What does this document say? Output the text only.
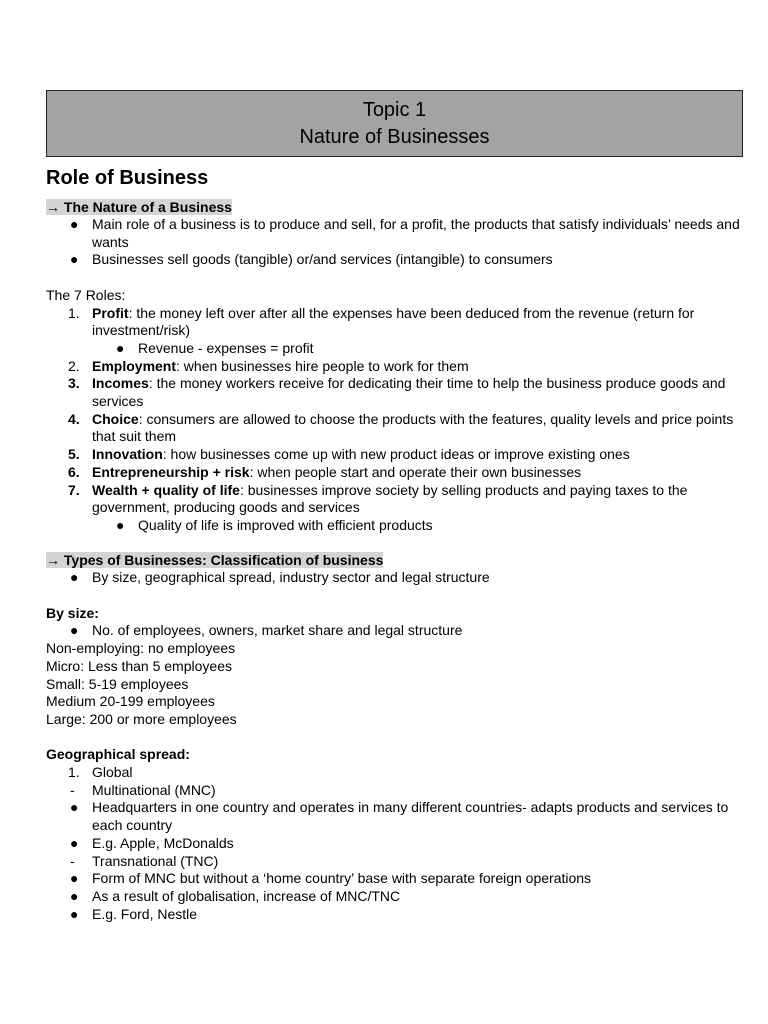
Topic 1
Nature of Businesses
Role of Business
→ The Nature of a Business
● Main role of a business is to produce and sell, for a profit, the products that satisfy individuals’ needs and wants
● Businesses sell goods (tangible) or/and services (intangible) to consumers
The 7 Roles:
1. Profit: the money left over after all the expenses have been deduced from the revenue (return for investment/risk)
● Revenue - expenses = profit
2. Employment: when businesses hire people to work for them
3. Incomes: the money workers receive for dedicating their time to help the business produce goods and services
4. Choice: consumers are allowed to choose the products with the features, quality levels and price points that suit them
5. Innovation: how businesses come up with new product ideas or improve existing ones
6. Entrepreneurship + risk: when people start and operate their own businesses
7. Wealth + quality of life: businesses improve society by selling products and paying taxes to the government, producing goods and services
● Quality of life is improved with efficient products
→ Types of Businesses: Classification of business
● By size, geographical spread, industry sector and legal structure
By size:
● No. of employees, owners, market share and legal structure
Non-employing: no employees
Micro: Less than 5 employees
Small: 5-19 employees
Medium 20-199 employees
Large: 200 or more employees
Geographical spread:
1. Global
-	Multinational (MNC)
● Headquarters in one country and operates in many different countries- adapts products and services to each country
● E.g. Apple, McDonalds
-	Transnational (TNC)
● Form of MNC but without a ‘home country’ base with separate foreign operations
● As a result of globalisation, increase of MNC/TNC
● E.g. Ford, Nestle
